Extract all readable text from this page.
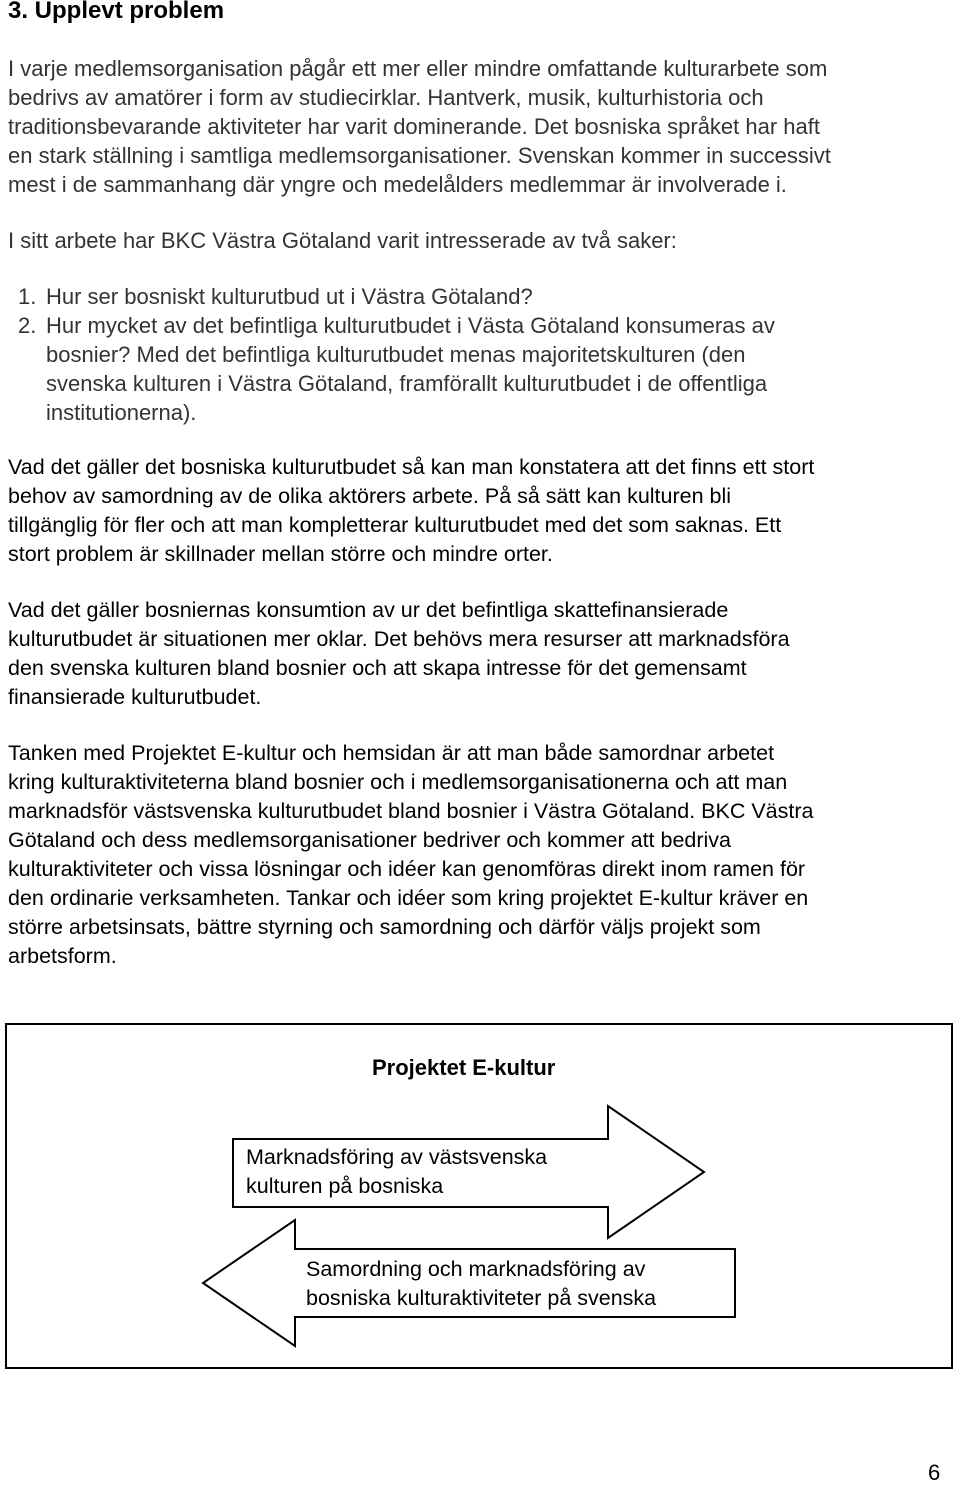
3. Upplevt problem
I varje medlemsorganisation pågår ett mer eller mindre omfattande kulturarbete som
bedrivs av amatörer i form av studiecirklar. Hantverk, musik, kulturhistoria och
traditionsbevarande aktiviteter har varit dominerande. Det bosniska språket har haft
en stark ställning i samtliga medlemsorganisationer. Svenskan kommer in successivt
mest i de sammanhang där yngre och medelålders medlemmar är involverade i.
I sitt arbete har BKC Västra Götaland varit intresserade av två saker:
1. Hur ser bosniskt kulturutbud ut i Västra Götaland?
2. Hur mycket av det befintliga kulturutbudet i Västa Götaland konsumeras av
bosnier? Med det befintliga kulturutbudet menas majoritetskulturen (den
svenska kulturen i Västra Götaland, framförallt kulturutbudet i de offentliga
institutionerna).
Vad det gäller det bosniska kulturutbudet så kan man konstatera att det finns ett stort
behov av samordning av de olika aktörers arbete. På så sätt kan kulturen bli
tillgänglig för fler och att man kompletterar kulturutbudet med det som saknas. Ett
stort problem är skillnader mellan större och mindre orter.
Vad det gäller bosniernas konsumtion av ur det befintliga skattefinansierade
kulturutbudet är situationen mer oklar. Det behövs mera resurser att marknadsföra
den svenska kulturen bland bosnier och att skapa intresse för det gemensamt
finansierade kulturutbudet.
Tanken med Projektet E-kultur och hemsidan är att man både samordnar arbetet
kring kulturaktiviteterna bland bosnier och i medlemsorganisationerna och att man
marknadsför västsvenska kulturutbudet bland bosnier i Västra Götaland. BKC Västra
Götaland och dess medlemsorganisationer bedriver och kommer att bedriva
kulturaktiviteter och vissa lösningar och idéer kan genomföras direkt inom ramen för
den ordinarie verksamheten. Tankar och idéer som kring projektet E-kultur kräver en
större arbetsinsats, bättre styrning och samordning och därför väljs projekt som
arbetsform.
Projektet E-kultur
Marknadsföring av västsvenska
kulturen på bosniska
Samordning och marknadsföring av
bosniska kulturaktiviteter på svenska
6
